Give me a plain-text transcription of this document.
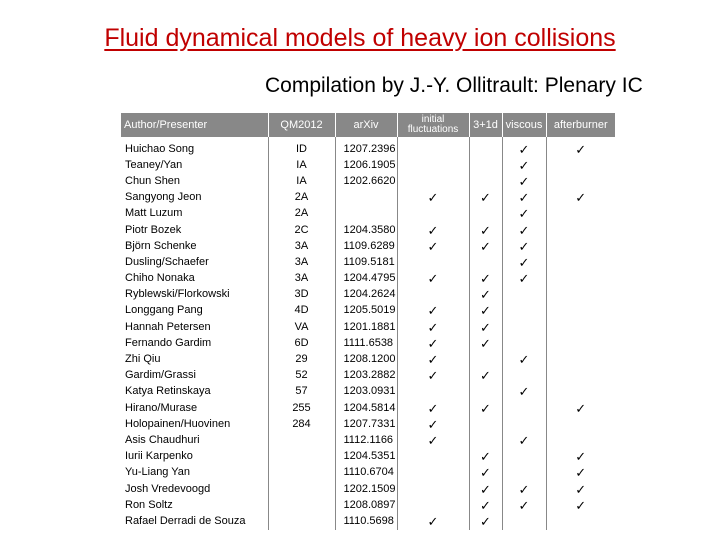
Fluid dynamical models of heavy ion collisions
Compilation by J.-Y. Ollitrault: Plenary IC
Author/Presenter	QM2012	arXiv	initial fluctuations	3+1d	viscous	afterburner
Huichao Song	ID	1207.2396			✓	✓
Teaney/Yan	IA	1206.1905			✓	
Chun Shen	IA	1202.6620			✓	
Sangyong Jeon	2A		✓	✓	✓	✓
Matt Luzum	2A				✓	
Piotr Bozek	2C	1204.3580	✓	✓	✓	
Björn Schenke	3A	1109.6289	✓	✓	✓	
Dusling/Schaefer	3A	1109.5181			✓	
Chiho Nonaka	3A	1204.4795	✓	✓	✓	
Ryblewski/Florkowski	3D	1204.2624		✓		
Longgang Pang	4D	1205.5019	✓	✓		
Hannah Petersen	VA	1201.1881	✓	✓		
Fernando Gardim	6D	1111.6538	✓	✓		
Zhi Qiu	29	1208.1200	✓		✓	
Gardim/Grassi	52	1203.2882	✓	✓		
Katya Retinskaya	57	1203.0931			✓	
Hirano/Murase	255	1204.5814	✓	✓		✓
Holopainen/Huovinen	284	1207.7331	✓			
Asis Chaudhuri		1112.1166	✓		✓	
Iurii Karpenko		1204.5351		✓		✓
Yu-Liang Yan		1110.6704		✓		✓
Josh Vredevoogd		1202.1509		✓	✓	✓
Ron Soltz		1208.0897		✓	✓	✓
Rafael Derradi de Souza		1110.5698	✓	✓		
